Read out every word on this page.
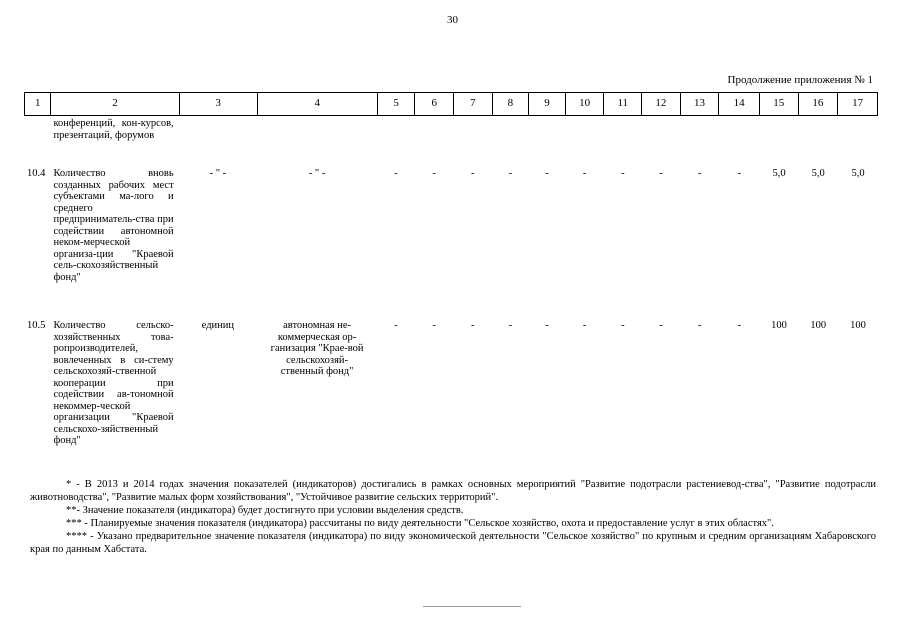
30
Продолжение приложения № 1
1	2	3	4	5	6	7	8	9	10	11	12	13	14	15	16	17
	конференций, кон-курсов, презентаций, форумов															
10.4	Количество вновь созданных рабочих мест субъектами ма-лого и среднего предприниматель-ства при содействии автономной неком-мерческой организа-ции "Краевой сель-скохозяйственный фонд"	- " -	- " -	-	-	-	-	-	-	-	-	-	-	5,0	5,0	5,0
10.5	Количество сельско-хозяйственных това-ропроизводителей, вовлеченных в си-стему сельскохозяй-ственной кооперации при содействии ав-тономной некоммер-ческой организации "Краевой сельскохо-зяйственный фонд"	единиц	автономная не-коммерческая ор-ганизация "Крае-вой сельскохозяй-ственный фонд"	-	-	-	-	-	-	-	-	-	-	100	100	100

* - В 2013 и 2014 годах значения показателей (индикаторов) достигались в рамках основных мероприятий "Развитие подотрасли растениевод-ства", "Развитие подотрасли животноводства", "Развитие малых форм хозяйствования", "Устойчивое развитие сельских территорий".

**- Значение показателя (индикатора) будет достигнуто при условии выделения средств.

*** - Планируемые значения показателя (индикатора) рассчитаны по виду деятельности "Сельское хозяйство, охота и предоставление услуг в этих областях".

**** - Указано предварительное значение показателя (индикатора) по виду экономической деятельности "Сельское хозяйство" по крупным и средним организациям Хабаровского края по данным Хабстата.
